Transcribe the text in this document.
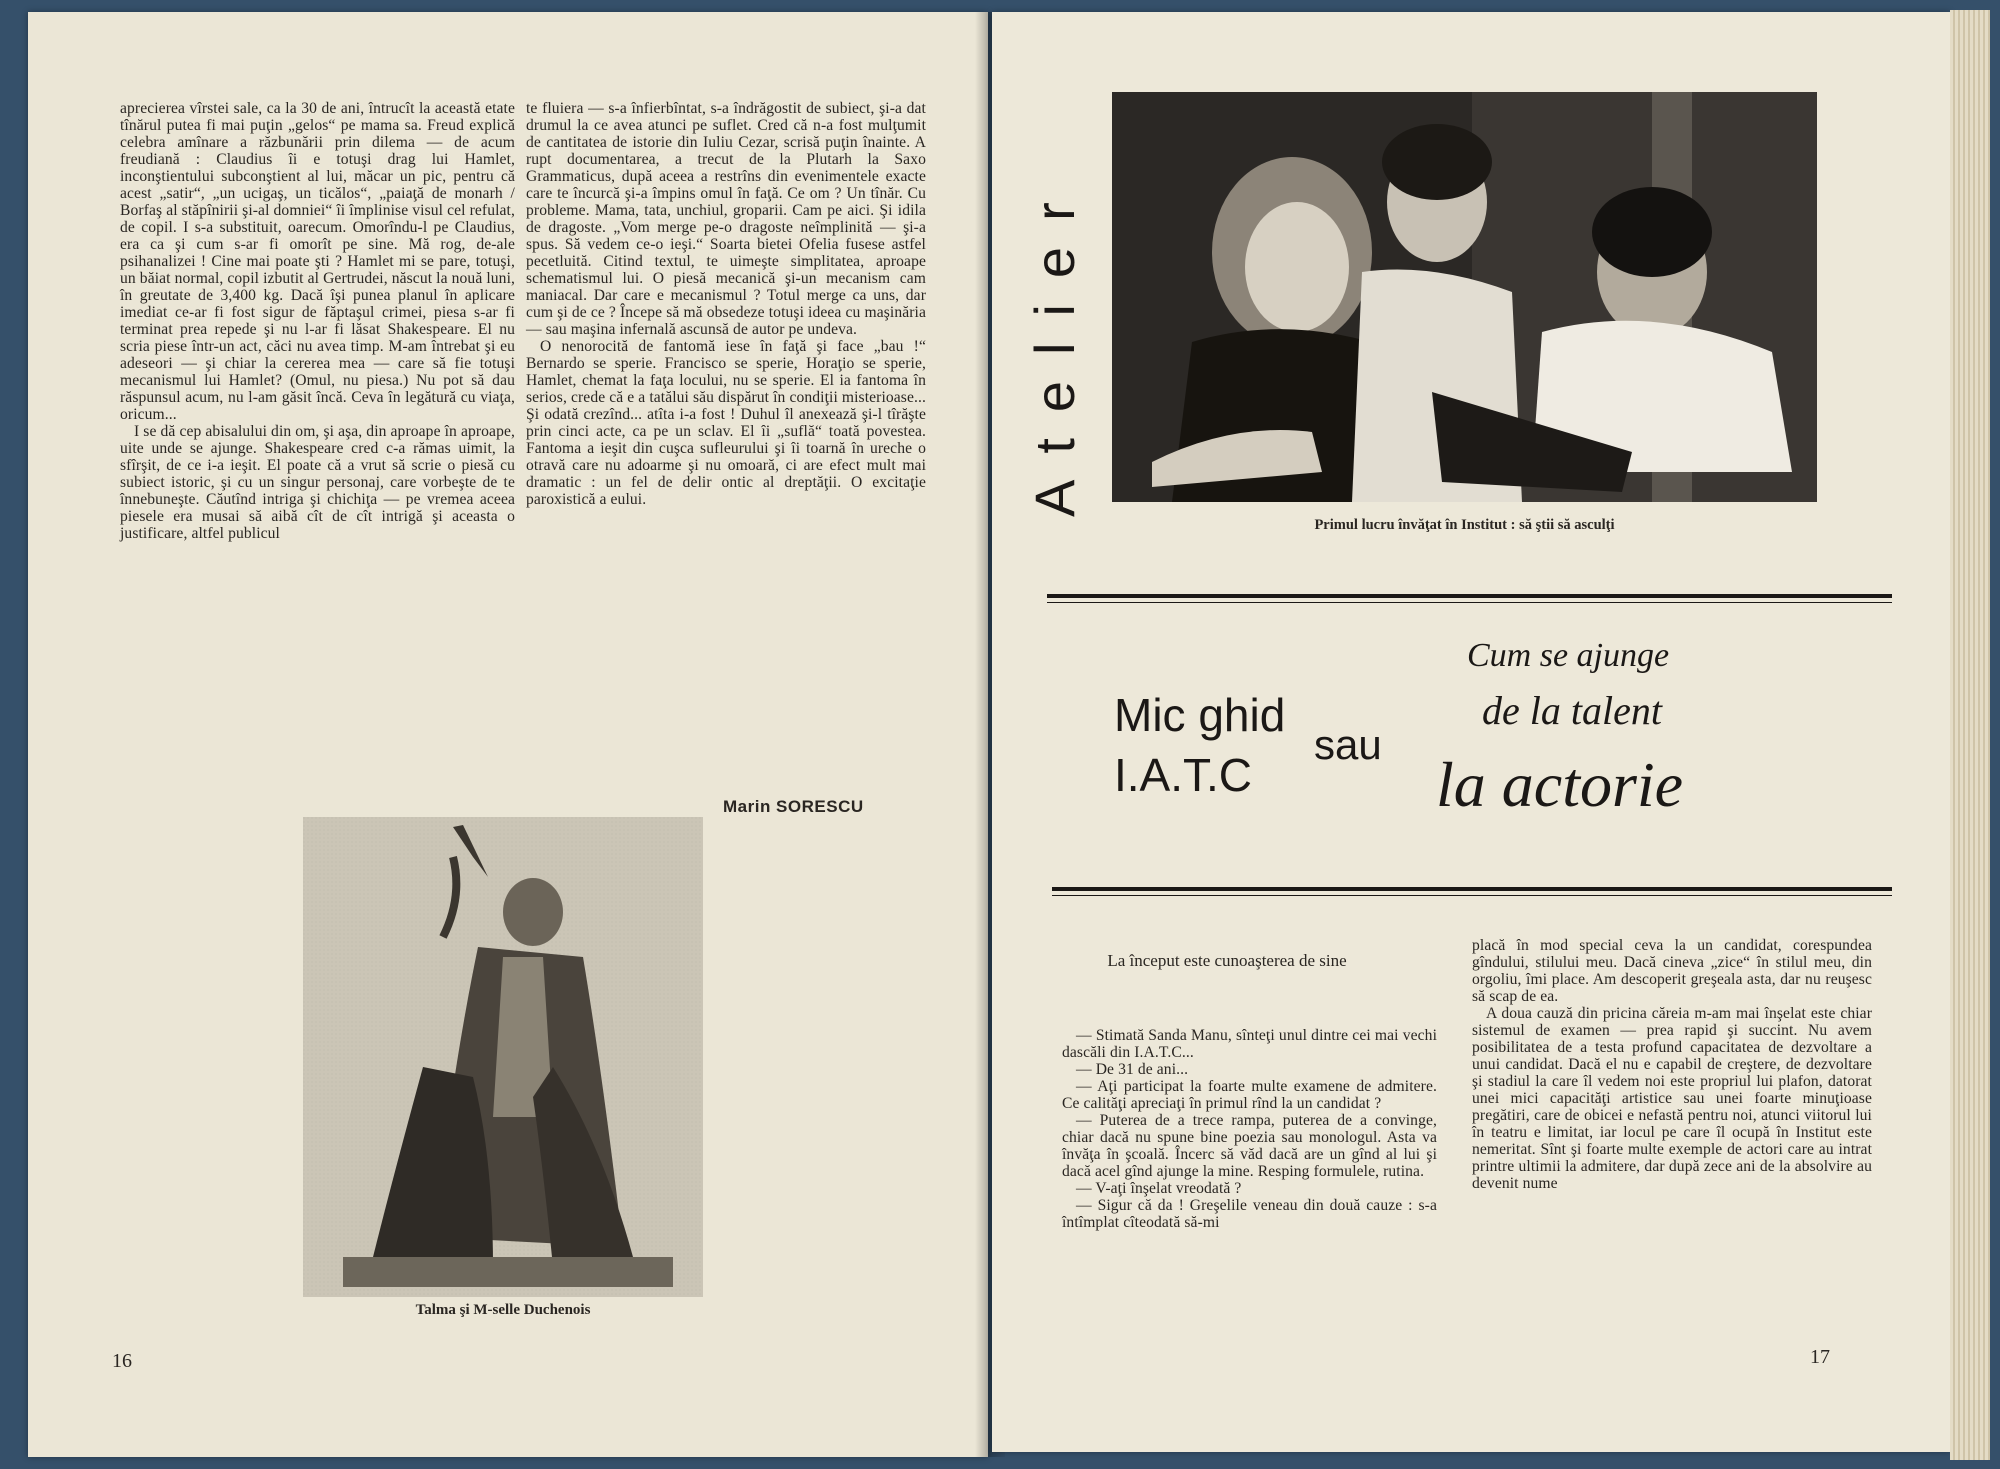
aprecierea vîrstei sale, ca la 30 de ani, întrucît la această etate tînărul putea fi mai puţin „gelos“ pe mama sa. Freud explică celebra amînare a răzbunării prin dilema — de acum freudiană : Claudius îi e totuşi drag lui Hamlet, inconştientului subconştient al lui, măcar un pic, pentru că acest „satir“, „un ucigaş, un ticălos“, „paiaţă de monarh / Borfaş al stăpînirii şi-al domniei“ îi împlinise visul cel refulat, de copil. I s-a substituit, oarecum. Omorîndu-l pe Claudius, era ca şi cum s-ar fi omorît pe sine. Mă rog, de-ale psihanalizei ! Cine mai poate şti ? Hamlet mi se pare, totuşi, un băiat normal, copil izbutit al Gertrudei, născut la nouă luni, în greutate de 3,400 kg. Dacă îşi punea planul în aplicare imediat ce-ar fi fost sigur de făptaşul crimei, piesa s-ar fi terminat prea repede şi nu l-ar fi lăsat Shakespeare. El nu scria piese într-un act, căci nu avea timp. M-am întrebat şi eu adeseori — şi chiar la cererea mea — care să fie totuşi mecanismul lui Hamlet? (Omul, nu piesa.) Nu pot să dau răspunsul acum, nu l-am găsit încă. Ceva în legătură cu viaţa, oricum...

I se dă cep abisalului din om, şi aşa, din aproape în aproape, uite unde se ajunge. Shakespeare cred c-a rămas uimit, la sfîrşit, de ce i-a ieşit. El poate că a vrut să scrie o piesă cu subiect istoric, şi cu un singur personaj, care vorbeşte de te înnebuneşte. Căutînd intriga şi chichiţa — pe vremea aceea piesele era musai să aibă cît de cît intrigă şi aceasta o justificare, altfel publicul

te fluiera — s-a înfierbîntat, s-a îndrăgostit de subiect, şi-a dat drumul la ce avea atunci pe suflet. Cred că n-a fost mulţumit de cantitatea de istorie din Iuliu Cezar, scrisă puţin înainte. A rupt documentarea, a trecut de la Plutarh la Saxo Grammaticus, după aceea a restrîns din evenimentele exacte care te încurcă şi-a împins omul în faţă. Ce om ? Un tînăr. Cu probleme. Mama, tata, unchiul, groparii. Cam pe aici. Şi idila de dragoste. „Vom merge pe-o dragoste neîmplinită — şi-a spus. Să vedem ce-o ieşi.“ Soarta bietei Ofelia fusese astfel pecetluită. Citind textul, te uimeşte simplitatea, aproape schematismul lui. O piesă mecanică şi-un mecanism cam maniacal. Dar care e mecanismul ? Totul merge ca uns, dar cum şi de ce ? Începe să mă obsedeze totuşi ideea cu maşinăria — sau maşina infernală ascunsă de autor pe undeva.

O nenorocită de fantomă iese în faţă şi face „bau !“ Bernardo se sperie. Francisco se sperie, Horaţio se sperie, Hamlet, chemat la faţa locului, nu se sperie. El ia fantoma în serios, crede că e a tatălui său dispărut în condiţii misterioase... Şi odată crezînd... atîta i-a fost ! Duhul îl anexează şi-l tîrăşte prin cinci acte, ca pe un sclav. El îi „suflă“ toată povestea. Fantoma a ieşit din cuşca sufleurului şi îi toarnă în ureche o otravă care nu adoarme şi nu omoară, ci are efect mult mai dramatic : un fel de delir ontic al dreptăţii. O excitaţie paroxistică a eului.

Marin SORESCU
Talma şi M-selle Duchenois
16
Atelier
Primul lucru învăţat în Institut : să ştii să asculţi
Mic ghid
sau
I.A.T.C
Cum se ajunge
de la talent
la actorie
La început este cunoaşterea de sine

— Stimată Sanda Manu, sînteţi unul dintre cei mai vechi dascăli din I.A.T.C...

— De 31 de ani...

— Aţi participat la foarte multe examene de admitere. Ce calităţi apreciaţi în primul rînd la un candidat ?

— Puterea de a trece rampa, puterea de a convinge, chiar dacă nu spune bine poezia sau monologul. Asta va învăţa în şcoală. Încerc să văd dacă are un gînd al lui şi dacă acel gînd ajunge la mine. Resping formulele, rutina.

— V-aţi înşelat vreodată ?

— Sigur că da ! Greşelile veneau din două cauze : s-a întîmplat cîteodată să-mi

placă în mod special ceva la un candidat, corespundea gîndului, stilului meu. Dacă cineva „zice“ în stilul meu, din orgoliu, îmi place. Am descoperit greşeala asta, dar nu reuşesc să scap de ea.

A doua cauză din pricina căreia m-am mai înşelat este chiar sistemul de examen — prea rapid şi succint. Nu avem posibilitatea de a testa profund capacitatea de dezvoltare a unui candidat. Dacă el nu e capabil de creştere, de dezvoltare şi stadiul la care îl vedem noi este propriul lui plafon, datorat unei mici capacităţi artistice sau unei foarte minuţioase pregătiri, care de obicei e nefastă pentru noi, atunci viitorul lui în teatru e limitat, iar locul pe care îl ocupă în Institut este nemeritat. Sînt şi foarte multe exemple de actori care au intrat printre ultimii la admitere, dar după zece ani de la absolvire au devenit nume

17
